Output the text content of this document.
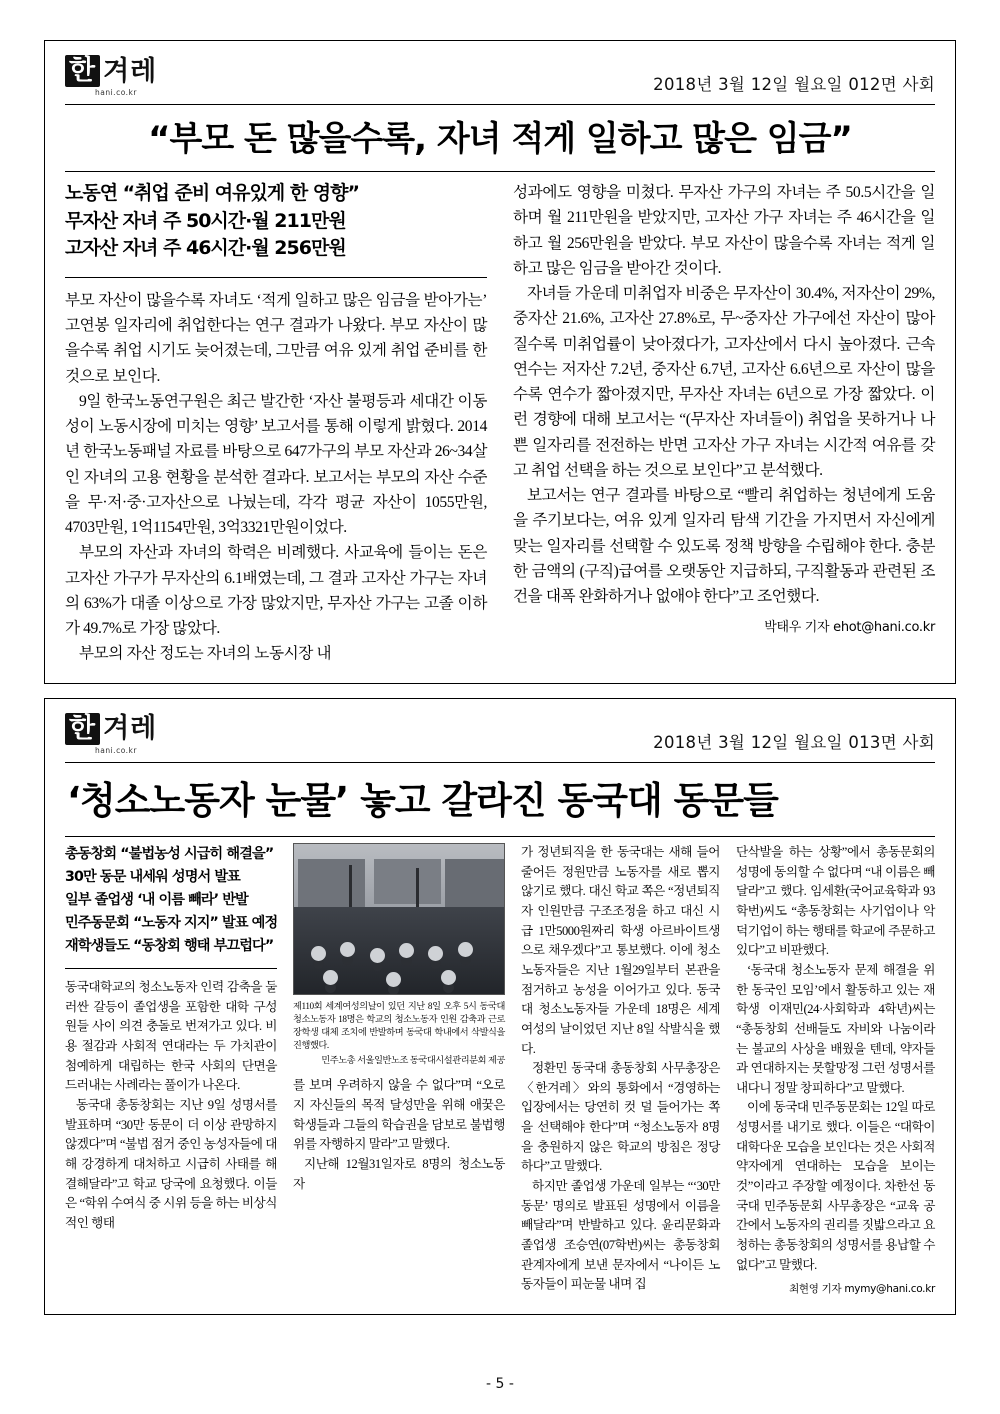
한 겨레
hani.co.kr	2018년 3월 12일 월요일 012면 사회
“부모 돈 많을수록, 자녀 적게 일하고 많은 임금”
노동연 “취업 준비 여유있게 한 영향”
무자산 자녀 주 50시간·월 211만원
고자산 자녀 주 46시간·월 256만원

부모 자산이 많을수록 자녀도 ‘적게 일하고 많은 임금을 받아가는’ 고연봉 일자리에 취업한다는 연구 결과가 나왔다. 부모 자산이 많을수록 취업 시기도 늦어졌는데, 그만큼 여유 있게 취업 준비를 한 것으로 보인다.

9일 한국노동연구원은 최근 발간한 ‘자산 불평등과 세대간 이동성이 노동시장에 미치는 영향’ 보고서를 통해 이렇게 밝혔다. 2014년 한국노동패널 자료를 바탕으로 647가구의 부모 자산과 26~34살인 자녀의 고용 현황을 분석한 결과다. 보고서는 부모의 자산 수준을 무·저·중·고자산으로 나눴는데, 각각 평균 자산이 1055만원, 4703만원, 1억1154만원, 3억3321만원이었다.

부모의 자산과 자녀의 학력은 비례했다. 사교육에 들이는 돈은 고자산 가구가 무자산의 6.1배였는데, 그 결과 고자산 가구는 자녀의 63%가 대졸 이상으로 가장 많았지만, 무자산 가구는 고졸 이하가 49.7%로 가장 많았다.

부모의 자산 정도는 자녀의 노동시장 내

성과에도 영향을 미쳤다. 무자산 가구의 자녀는 주 50.5시간을 일하며 월 211만원을 받았지만, 고자산 가구 자녀는 주 46시간을 일하고 월 256만원을 받았다. 부모 자산이 많을수록 자녀는 적게 일하고 많은 임금을 받아간 것이다.

자녀들 가운데 미취업자 비중은 무자산이 30.4%, 저자산이 29%, 중자산 21.6%, 고자산 27.8%로, 무~중자산 가구에선 자산이 많아질수록 미취업률이 낮아졌다가, 고자산에서 다시 높아졌다. 근속연수는 저자산 7.2년, 중자산 6.7년, 고자산 6.6년으로 자산이 많을수록 연수가 짧아졌지만, 무자산 자녀는 6년으로 가장 짧았다. 이런 경향에 대해 보고서는 “(무자산 자녀들이) 취업을 못하거나 나쁜 일자리를 전전하는 반면 고자산 가구 자녀는 시간적 여유를 갖고 취업 선택을 하는 것으로 보인다”고 분석했다.

보고서는 연구 결과를 바탕으로 “빨리 취업하는 청년에게 도움을 주기보다는, 여유 있게 일자리 탐색 기간을 가지면서 자신에게 맞는 일자리를 선택할 수 있도록 정책 방향을 수립해야 한다. 충분한 금액의 (구직)급여를 오랫동안 지급하되, 구직활동과 관련된 조건을 대폭 완화하거나 없애야 한다”고 조언했다.

박태우 기자 ehot@hani.co.kr
한 겨레
hani.co.kr	2018년 3월 12일 월요일 013면 사회
‘청소노동자 눈물’ 놓고 갈라진 동국대 동문들
총동창회 “불법농성 시급히 해결을”
30만 동문 내세워 성명서 발표
일부 졸업생 ‘내 이름 빼라’ 반발
민주동문회 “노동자 지지” 발표 예정
재학생들도 “동창회 행태 부끄럽다”

동국대학교의 청소노동자 인력 감축을 둘러싼 갈등이 졸업생을 포함한 대학 구성원들 사이 의견 충돌로 번져가고 있다. 비용 절감과 사회적 연대라는 두 가치관이 첨예하게 대립하는 한국 사회의 단면을 드러내는 사례라는 풀이가 나온다.

동국대 총동창회는 지난 9일 성명서를 발표하며 “30만 동문이 더 이상 관망하지 않겠다”며 “불법 점거 중인 농성자들에 대해 강경하게 대처하고 시급히 사태를 해결해달라”고 학교 당국에 요청했다. 이들은 “학위 수여식 중 시위 등을 하는 비상식적인 행태

제110회 세계여성의날이 있던 지난 8일 오후 5시 동국대 청소노동자 18명은 학교의 청소노동자 인원 감축과 근로장학생 대체 조치에 반발하며 동국대 학내에서 삭발식을 진행했다.
민주노총 서울일반노조 동국대시설관리분회 제공

를 보며 우려하지 않을 수 없다”며 “오로지 자신들의 목적 달성만을 위해 애꿎은 학생들과 그들의 학습권을 담보로 불법행위를 자행하지 말라”고 말했다.

지난해 12월31일자로 8명의 청소노동자

가 정년퇴직을 한 동국대는 새해 들어 줄어든 정원만큼 노동자를 새로 뽑지 않기로 했다. 대신 학교 쪽은 “정년퇴직자 인원만큼 구조조정을 하고 대신 시급 1만5000원짜리 학생 아르바이트생으로 채우겠다”고 통보했다. 이에 청소노동자들은 지난 1월29일부터 본관을 점거하고 농성을 이어가고 있다. 동국대 청소노동자들 가운데 18명은 세계 여성의 날이었던 지난 8일 삭발식을 했다.

정환민 동국대 총동창회 사무총장은 〈한겨레〉와의 통화에서 “경영하는 입장에서는 당연히 컷 덜 들어가는 쪽을 선택해야 한다”며 “청소노동자 8명을 충원하지 않은 학교의 방침은 정당하다”고 말했다.

하지만 졸업생 가운데 일부는 “‘30만 동문’ 명의로 발표된 성명에서 이름을 빼달라”며 반발하고 있다. 윤리문화과 졸업생 조승연(07학번)씨는 총동창회 관계자에게 보낸 문자에서 “나이든 노동자들이 피눈물 내며 집

단삭발을 하는 상황”에서 총동문회의 성명에 동의할 수 없다며 “내 이름은 빼달라”고 했다. 임세환(국어교육학과 93학번)씨도 “총동창회는 사기업이나 악덕기업이 하는 행태를 학교에 주문하고 있다”고 비판했다.

‘동국대 청소노동자 문제 해결을 위한 동국인 모임’에서 활동하고 있는 재학생 이재민(24·사회학과 4학년)씨는 “총동창회 선배들도 자비와 나눔이라는 불교의 사상을 배웠을 텐데, 약자들과 연대하지는 못할망정 그런 성명서를 내다니 정말 창피하다”고 말했다.

이에 동국대 민주동문회는 12일 따로 성명서를 내기로 했다. 이들은 “대학이 대학다운 모습을 보인다는 것은 사회적 약자에게 연대하는 모습을 보이는 것”이라고 주장할 예정이다. 차한선 동국대 민주동문회 사무총장은 “교육 공간에서 노동자의 권리를 짓밟으라고 요청하는 총동창회의 성명서를 용납할 수 없다”고 말했다.

최현영 기자 mymy@hani.co.kr
- 5 -
